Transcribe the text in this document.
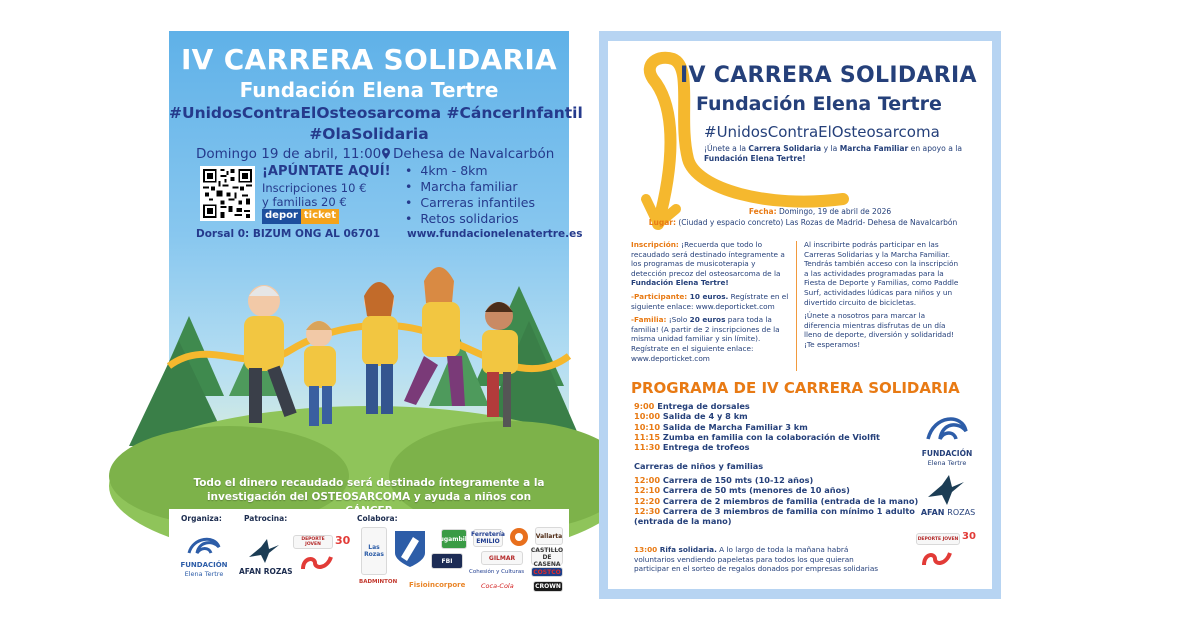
IV CARRERA SOLIDARIA
Fundación Elena Tertre
#UnidosContraElOsteosarcoma #CáncerInfantil
#OlaSolidaria
Domingo 19 de abril, 11:00 Dehesa de Navalcarbón
¡APÚNTATE AQUÍ!
Inscripciones 10 € y familias 20 €
depor ticket
• 4km - 8km
• Marcha familiar
• Carreras infantiles
• Retos solidarios
Dorsal 0: BIZUM ONG AL 06701	www.fundacionelenatertre.es
Todo el dinero recaudado será destinado íntegramente a la investigación del OSTEOSARCOMA y ayuda a niños con
Organiza:	Patrocina:	Colabora:
FUNDACIÓN
Elena Tertre	AFAN ROZAS
DEPORTE JOVEN	30
Las Rozas
BADMINTON
Bugambilia
Ferretería EMILIO
Vallarta
FBI	GILMAR
CASTILLO DE CASENA
Cohesión y Culturas COSTCO
Fisioincorpore Coca-Cola	CROWN
IV CARRERA SOLIDARIA
Fundación Elena Tertre
#UnidosContraElOsteosarcoma
¡Únete a la Carrera Solidaria y la Marcha Familiar en apoyo a la Fundación Elena Tertre!
Fecha: Domingo, 19 de abril de 2026
Lugar: (Ciudad y espacio concreto) Las Rozas de Madrid- Dehesa de Navalcarbón

Inscripción: ¡Recuerda que todo lo recaudado será destinado íntegramente a los programas de musicoterapia y detección precoz del osteosarcoma de la Fundación Elena Tertre!

-Participante: 10 euros. Regístrate en el siguiente enlace: www.deporticket.com

-Familia: ¡Solo 20 euros para toda la familia! (A partir de 2 inscripciones de la misma unidad familiar y sin límite). Regístrate en el siguiente enlace: www.deporticket.com

Al inscribirte podrás participar en las Carreras Solidarias y la Marcha Familiar. Tendrás también acceso con la inscripción a las actividades programadas para la Fiesta de Deporte y Familias, como Paddle Surf, actividades lúdicas para niños y un divertido circuito de bicicletas.

¡Únete a nosotros para marcar la diferencia mientras disfrutas de un día lleno de deporte, diversión y solidaridad! ¡Te esperamos!

PROGRAMA DE IV CARRERA SOLIDARIA
9:00 Entrega de dorsales
10:00 Salida de 4 y 8 km
10:10 Salida de Marcha Familiar 3 km
11:15 Zumba en familia con la colaboración de Violfit
11:30 Entrega de trofeos
Carreras de niños y familias
12:00 Carrera de 150 mts (10-12 años)
12:10 Carrera de 50 mts (menores de 10 años)
12:20 Carrera de 2 miembros de familia (entrada de la mano)
12:30 Carrera de 3 miembros de familia con mínimo 1 adulto
(entrada de la mano)
13:00 Rifa solidaria. A lo largo de toda la mañana habrá voluntarios vendiendo papeletas para todos los que quieran participar en el sorteo de regalos donados por empresas solidarias
FUNDACIÓN
Elena Tertre
AFAN ROZAS
DEPORTE JOVEN 30
